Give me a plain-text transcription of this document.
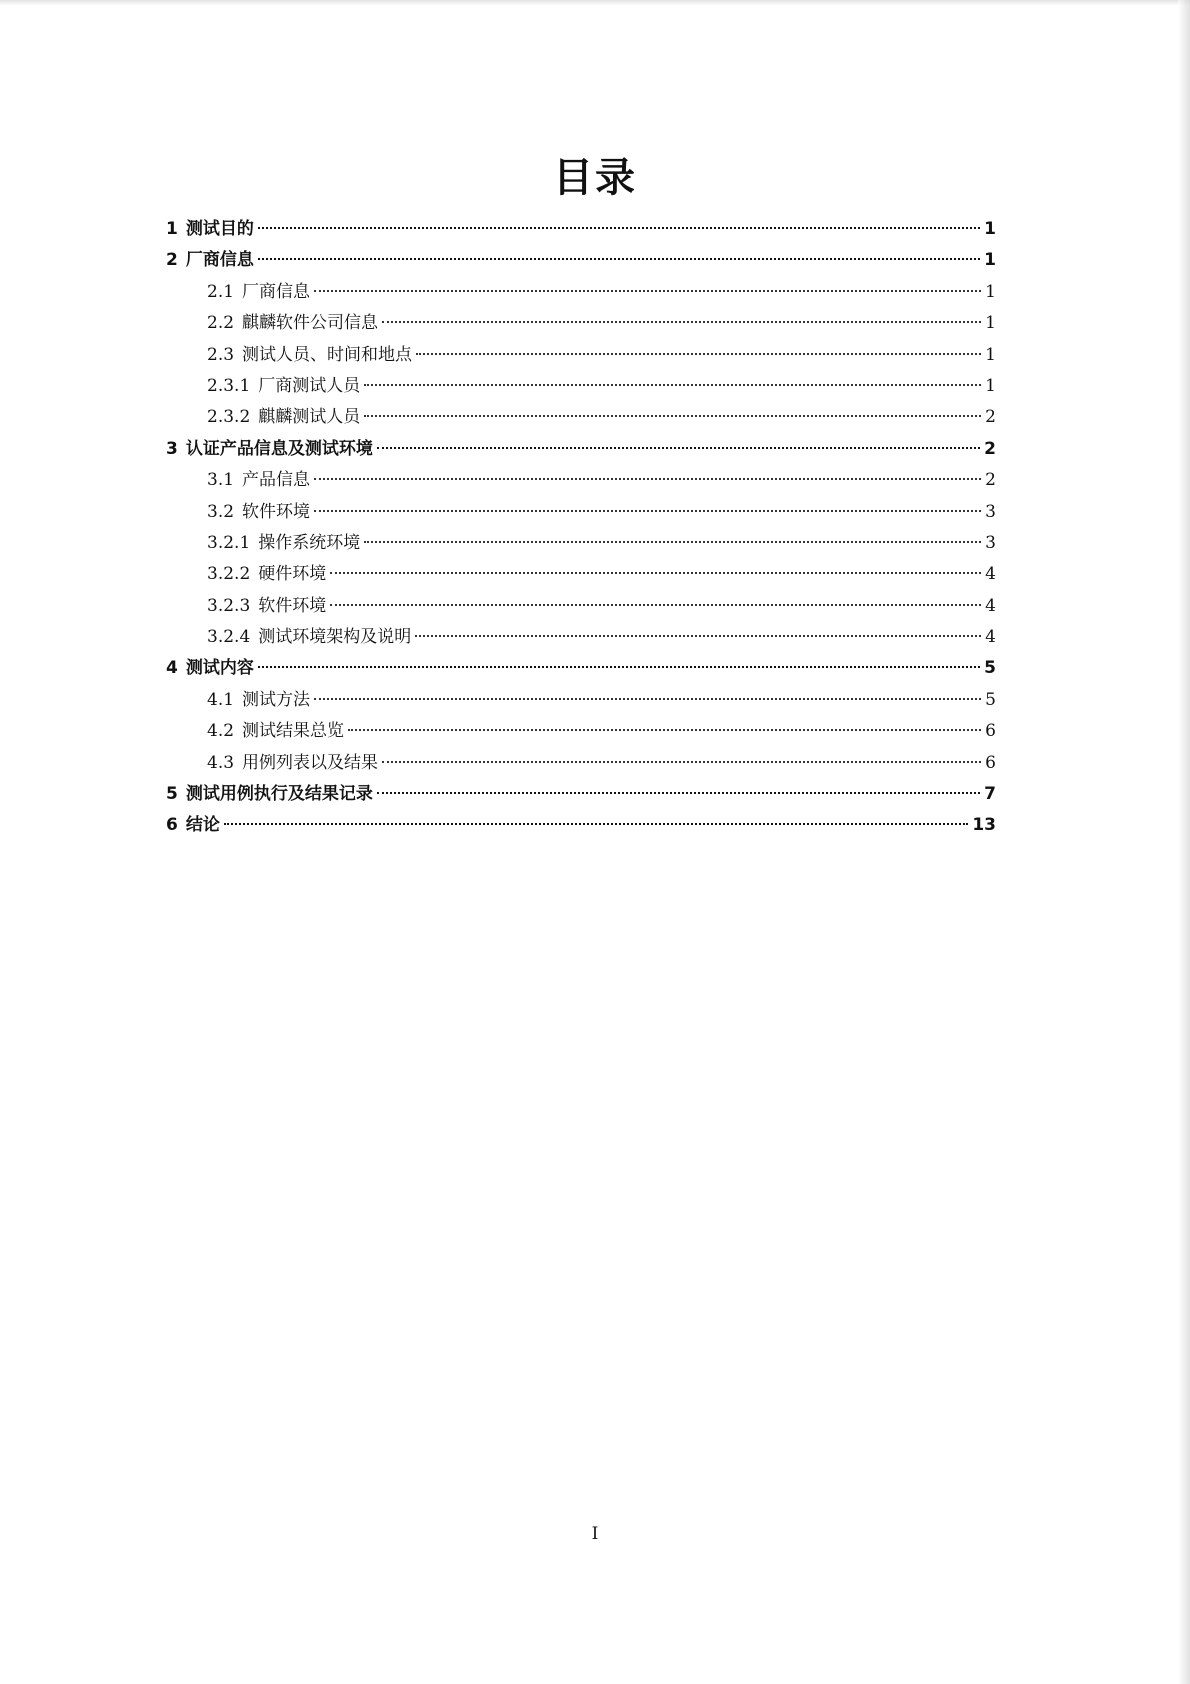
目录
1 测试目的	1
2 厂商信息	1
2.1 厂商信息	1
2.2 麒麟软件公司信息	1
2.3 测试人员、时间和地点	1
2.3.1 厂商测试人员	1
2.3.2 麒麟测试人员	2
3 认证产品信息及测试环境	2
3.1 产品信息	2
3.2 软件环境	3
3.2.1 操作系统环境	3
3.2.2 硬件环境	4
3.2.3 软件环境	4
3.2.4 测试环境架构及说明	4
4 测试内容	5
4.1 测试方法	5
4.2 测试结果总览	6
4.3 用例列表以及结果	6
5 测试用例执行及结果记录	7
6 结论	13
I
